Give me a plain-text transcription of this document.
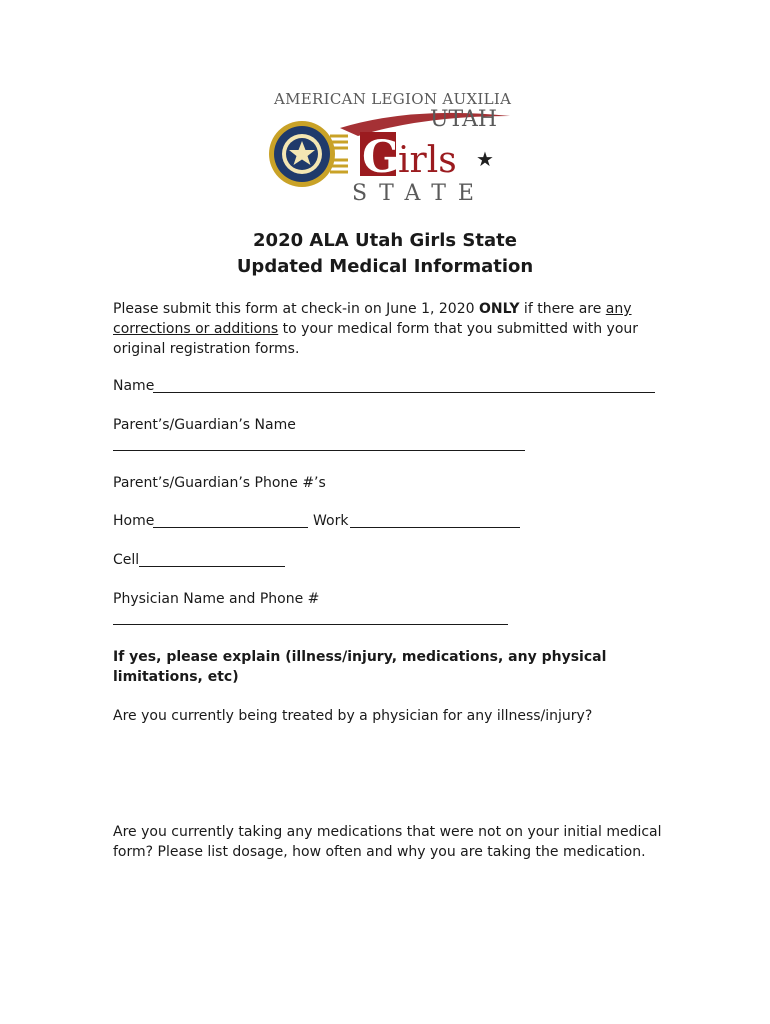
AMERICAN LEGION AUXILIARY
UTAH
G
irls ★
STATE
2020 ALA Utah Girls State
Updated Medical Information
Please submit this form at check-in on June 1, 2020 ONLY if there are any
corrections or additions to your medical form that you submitted with your
original registration forms.
Name
Parent’s/Guardian’s Name
Parent’s/Guardian’s Phone #’s
Home	Work
Cell
Physician Name and Phone #
If yes, please explain (illness/injury, medications, any physical
limitations, etc)
Are you currently being treated by a physician for any illness/injury?
Are you currently taking any medications that were not on your initial medical
form? Please list dosage, how often and why you are taking the medication.
